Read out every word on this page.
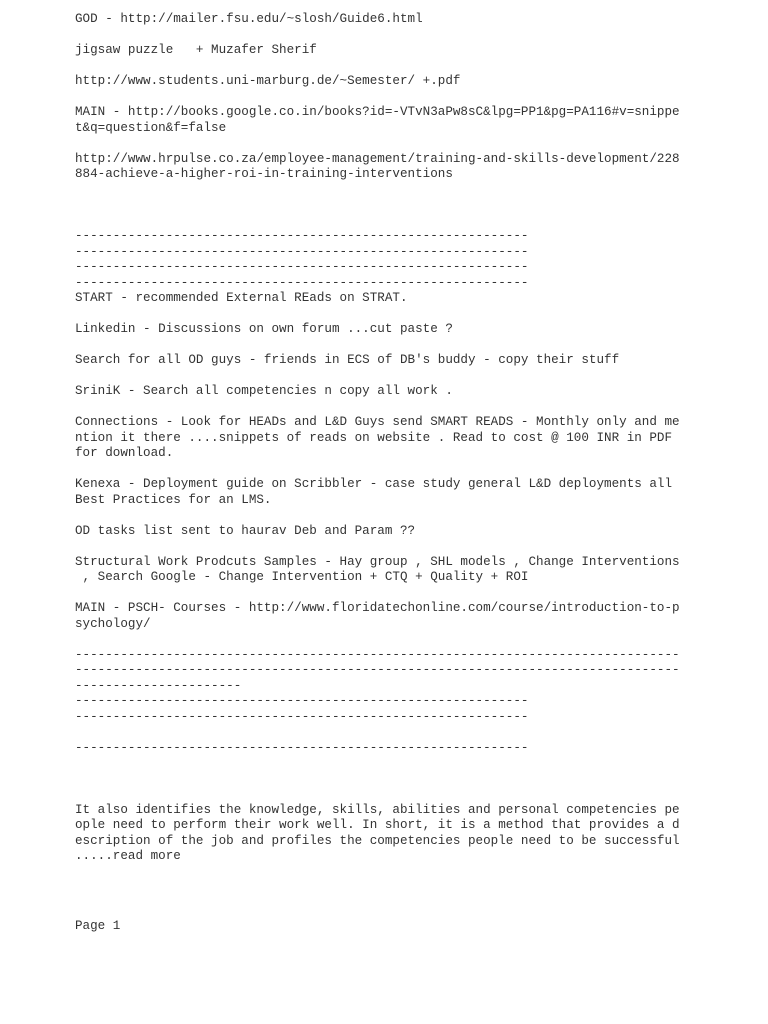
GOD - http://mailer.fsu.edu/~slosh/Guide6.html
jigsaw puzzle   + Muzafer Sherif
http://www.students.uni-marburg.de/~Semester/ +.pdf
MAIN - http://books.google.co.in/books?id=-VTvN3aPw8sC&lpg=PP1&pg=PA116#v=snippe
t&q=question&f=false
http://www.hrpulse.co.za/employee-management/training-and-skills-development/228
884-achieve-a-higher-roi-in-training-interventions
------------------------------------------------------------
------------------------------------------------------------
------------------------------------------------------------
------------------------------------------------------------
START - recommended External REads on STRAT.
Linkedin - Discussions on own forum ...cut paste ?
Search for all OD guys - friends in ECS of DB's buddy - copy their stuff
SriniK - Search all competencies n copy all work .
Connections - Look for HEADs and L&D Guys send SMART READS - Monthly only and me
ntion it there ....snippets of reads on website . Read to cost @ 100 INR in PDF
for download.
Kenexa - Deployment guide on Scribbler - case study general L&D deployments all
Best Practices for an LMS.
OD tasks list sent to haurav Deb and Param ??
Structural Work Prodcuts Samples - Hay group , SHL models , Change Interventions
, Search Google - Change Intervention + CTQ + Quality + ROI
MAIN - PSCH- Courses - http://www.floridatechonline.com/course/introduction-to-p
sychology/
--------------------------------------------------------------------------------
--------------------------------------------------------------------------------
----------------------
------------------------------------------------------------
------------------------------------------------------------
------------------------------------------------------------
It also identifies the knowledge, skills, abilities and personal competencies pe
ople need to perform their work well. In short, it is a method that provides a d
escription of the job and profiles the competencies people need to be successful
.....read more
Page 1
